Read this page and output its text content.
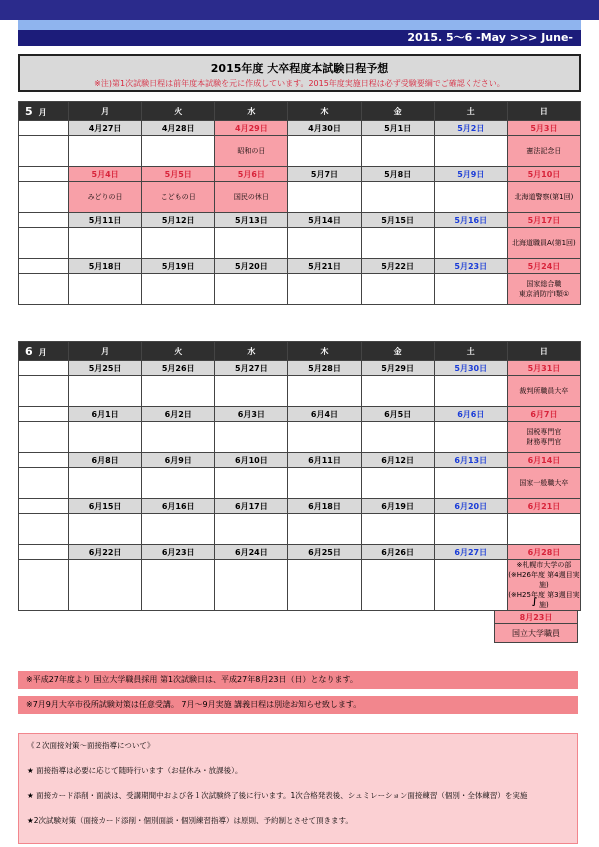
2015. 5～6 -May >>> June-
2015年度 大卒程度本試験日程予想
※注)第1次試験日程は前年度本試験を元に作成しています。2015年度実施日程は必ず受験要綱でご確認ください。
5 月	月	火	水	木	金	土	日
	4月27日	4月28日	4月29日	4月30日	5月1日	5月2日	5月3日
			昭和の日				憲法記念日
	5月4日	5月5日	5月6日	5月7日	5月8日	5月9日	5月10日
	みどりの日	こどもの日	国民の休日				北海道警察(第1回)
	5月11日	5月12日	5月13日	5月14日	5月15日	5月16日	5月17日
							北海道職員A(第1回)
	5月18日	5月19日	5月20日	5月21日	5月22日	5月23日	5月24日
							国家総合職
東京消防庁Ⅰ類①
6 月	月	火	水	木	金	土	日
	5月25日	5月26日	5月27日	5月28日	5月29日	5月30日	5月31日
							裁判所職員大卒
	6月1日	6月2日	6月3日	6月4日	6月5日	6月6日	6月7日
							国税専門官
財務専門官
	6月8日	6月9日	6月10日	6月11日	6月12日	6月13日	6月14日
							国家一般職大卒
	6月15日	6月16日	6月17日	6月18日	6月19日	6月20日	6月21日

	6月22日	6月23日	6月24日	6月25日	6月26日	6月27日	6月28日
							※札幌市大学の部
(※H26年度 第4週目実施)
(※H25年度 第3週目実施)
∫
8月23日
国立大学職員
※平成27年度より 国立大学職員採用 第1次試験日は、平成27年8月23日（日）となります。
※7月9月大卒市役所試験対策は任意受講。 7月～9月実施 講義日程は別途お知らせ致します。
《２次面接対策～面接指導について》
★ 面接指導は必要に応じて随時行います（お昼休み・放課後）。
★ 面接カード添削・面談は、受講期間中および各１次試験終了後に行います。1次合格発表後、シュミレーション面接練習（個別・全体練習）を実施
★2次試験対策（面接カード添削・個別面談・個別練習指導）は原則、予約制とさせて頂きます。
